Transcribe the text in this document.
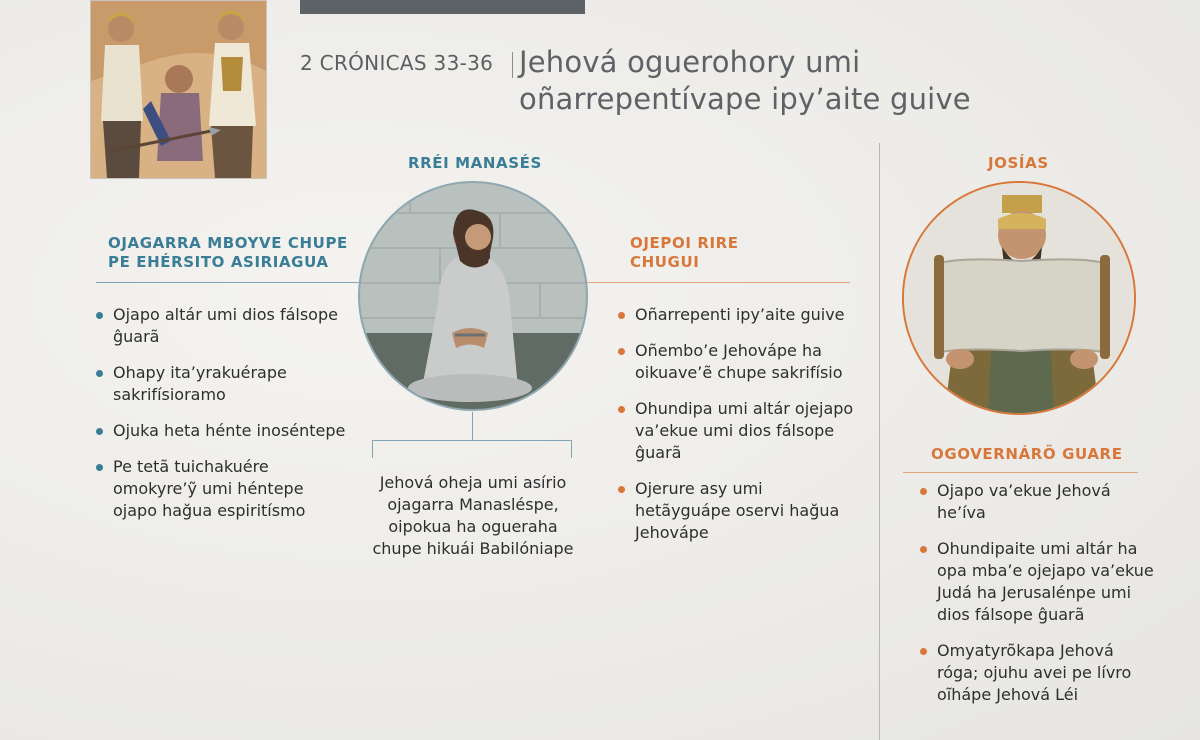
2 CRÓNICAS 33-36 Jehová oguerohory umi
oñarrepentívape ipy’aite guive
RRÉI MANASÉS
OJAGARRA MBOYVE CHUPE
PE EHÉRSITO ASIRIAGUA
OJEPOI RIRE
CHUGUI
Jehová oheja umi asírio ojagarra Manasléspe, oipokua ha ogueraha chupe hikuái Babilóniape
Ojapo altár umi dios fálsope ĝuarã
Ohapy ita’yrakuérape sakrifísioramo
Ojuka heta hénte inoséntepe
Pe tetã tuichakuére omokyre’ỹ umi héntepe ojapo hağua espiritísmo
Oñarrepenti ipy’aite guive
Oñembo’e Jehovápe ha oikuave’ẽ chupe sakrifísio
Ohundipa umi altár ojejapo va’ekue umi dios fálsope ĝuarã
Ojerure asy umi hetãyguápe oservi hağua Jehovápe
JOSÍAS
OGOVERNÁRÕ GUARE
Ojapo va’ekue Jehová he’íva
Ohundipaite umi altár ha opa mba’e ojejapo va’ekue Judá ha Jerusalénpe umi dios fálsope ĝuarã
Omyatyrõkapa Jehová róga; ojuhu avei pe lívro oĩhápe Jehová Léi
